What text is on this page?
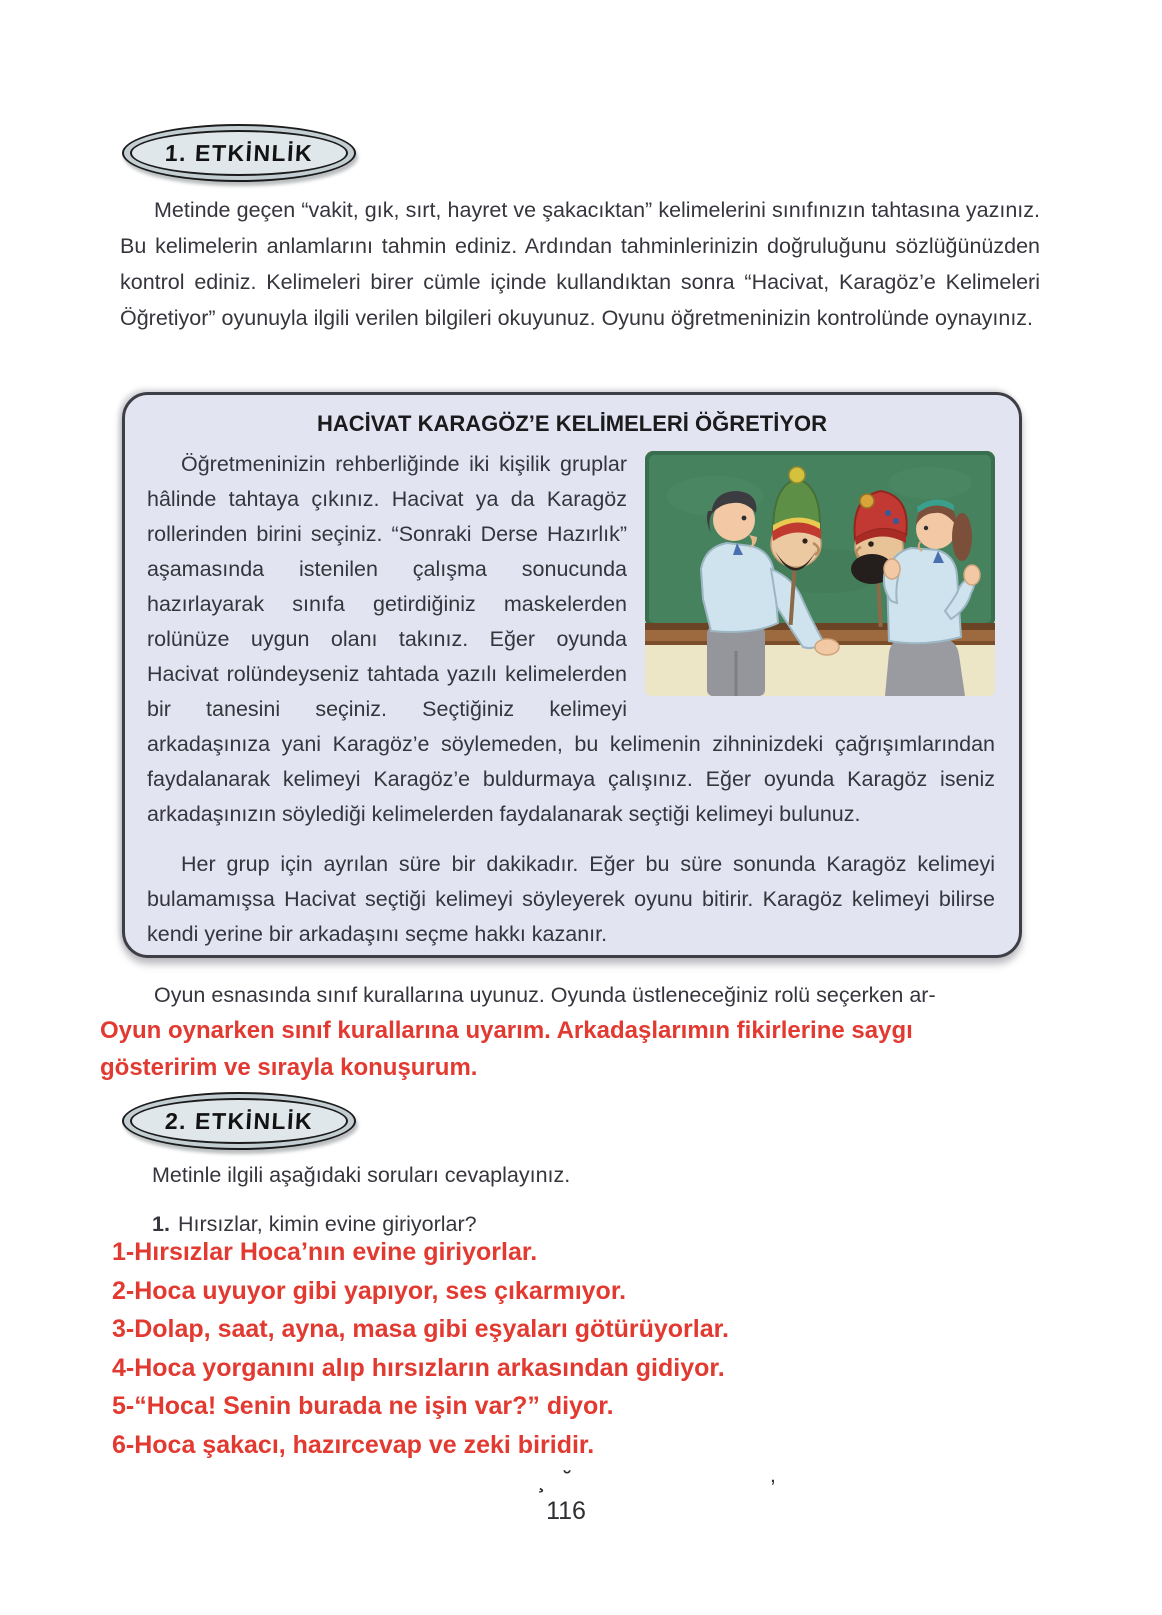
1. ETKİNLİK

Metinde geçen “vakit, gık, sırt, hayret ve şakacıktan” kelimelerini sınıfınızın tahtasına yazınız. Bu kelimelerin anlamlarını tahmin ediniz. Ardından tahminlerinizin doğruluğunu sözlüğünüzden kontrol ediniz. Kelimeleri birer cümle içinde kullandıktan sonra “Hacivat, Karagöz’e Kelimeleri Öğretiyor” oyunuyla ilgili verilen bilgileri okuyunuz. Oyunu öğretmeninizin kontrolünde oynayınız.

HACİVAT KARAGÖZ’E KELİMELERİ ÖĞRETİYOR

Öğretmeninizin rehberliğinde iki kişilik gruplar hâlinde tahtaya çıkınız. Hacivat ya da Karagöz rollerinden birini seçiniz. “Sonraki Derse Hazırlık” aşamasında istenilen çalışma sonucunda hazırlayarak sınıfa getirdiğiniz maskelerden rolünüze uygun olanı takınız. Eğer oyunda Hacivat rolündeyseniz tahtada yazılı kelimelerden bir tanesini seçiniz. Seçtiğiniz kelimeyi arkadaşınıza yani Karagöz’e söylemeden, bu kelimenin zihninizdeki çağrışımlarından faydalanarak kelimeyi Karagöz’e buldurmaya çalışınız. Eğer oyunda Karagöz iseniz arkadaşınızın söylediği kelimelerden faydalanarak seçtiği kelimeyi bulunuz.

Her grup için ayrılan süre bir dakikadır. Eğer bu süre sonunda Karagöz kelimeyi bulamamışsa Hacivat seçtiği kelimeyi söyleyerek oyunu bitirir. Karagöz kelimeyi bilirse kendi yerine bir arkadaşını seçme hakkı kazanır.

Oyun esnasında sınıf kurallarına uyunuz. Oyunda üstleneceğiniz rolü seçerken ar-

Oyun oynarken sınıf kurallarına uyarım. Arkadaşlarımın fikirlerine saygı
gösteririm ve sırayla konuşurum.
2. ETKİNLİK

Metinle ilgili aşağıdaki soruları cevaplayınız.

1. Hırsızlar, kimin evine giriyorlar?

1-Hırsızlar Hoca’nın evine giriyorlar.
2-Hoca uyuyor gibi yapıyor, ses çıkarmıyor.
3-Dolap, saat, ayna, masa gibi eşyaları götürüyorlar.
4-Hoca yorganını alıp hırsızların arkasından gidiyor.
5-“Hoca! Senin burada ne işin var?” diyor.
6-Hoca şakacı, hazırcevap ve zeki biridir.
¸ ˘	,
116
